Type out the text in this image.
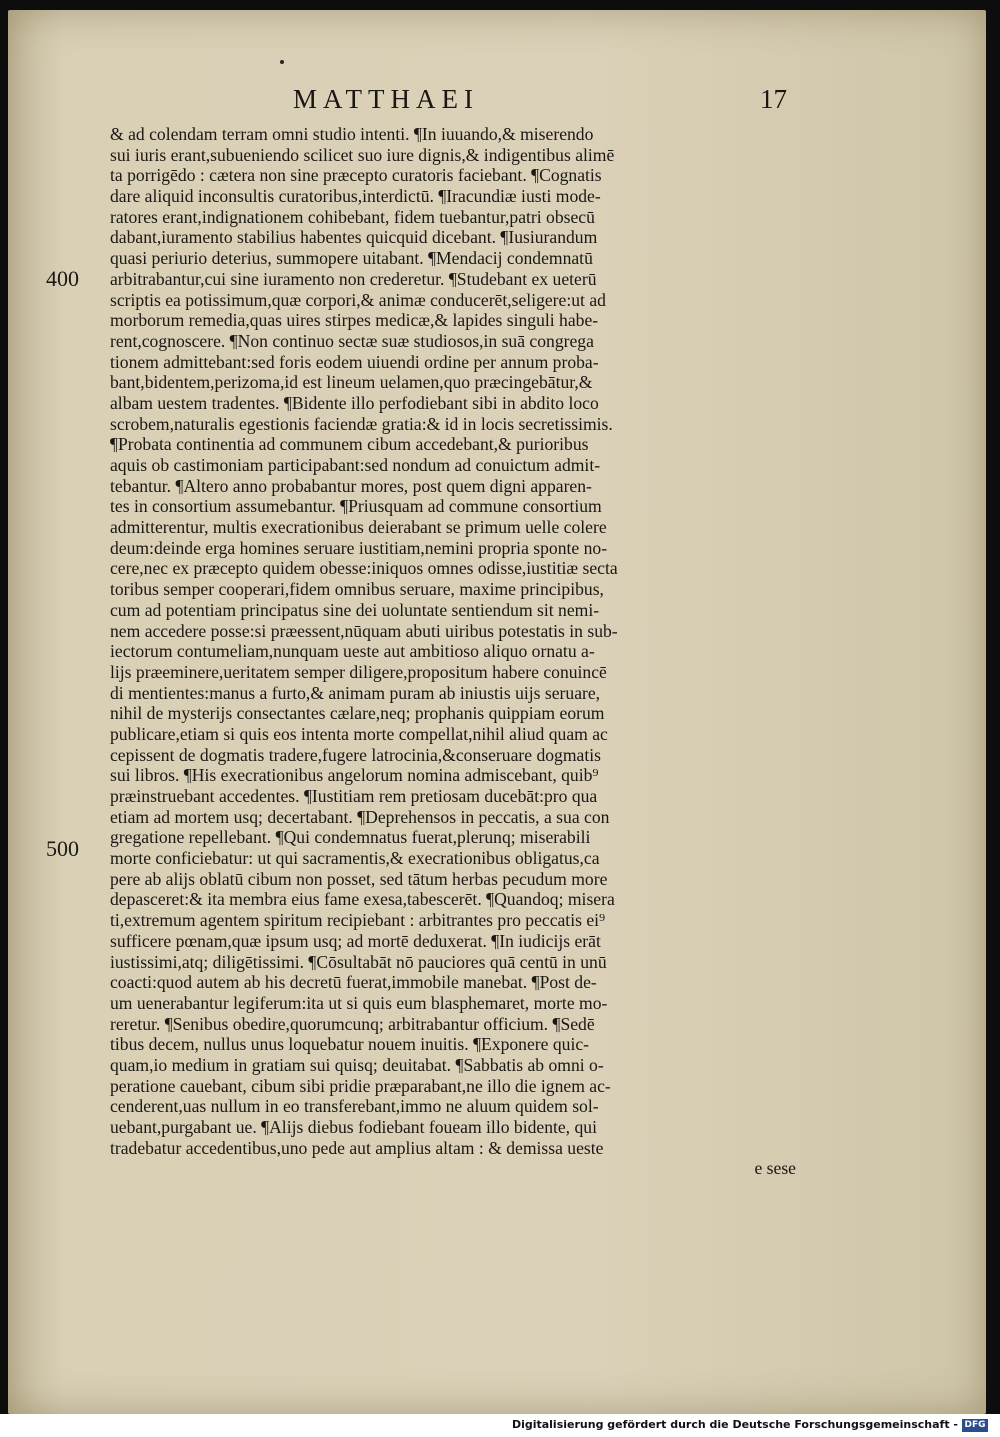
MATTHAEI	17
400
500
& ad colendam terram omni studio intenti. ¶In iuuando,& miserendo
sui iuris erant,subueniendo scilicet suo iure dignis,& indigentibus alimē
ta porrigēdo : cætera non sine præcepto curatoris faciebant. ¶Cognatis
dare aliquid inconsultis curatoribus,interdictū. ¶Iracundiæ iusti mode-
ratores erant,indignationem cohibebant, fidem tuebantur,patri obsecū
dabant,iuramento stabilius habentes quicquid dicebant. ¶Iusiurandum
quasi periurio deterius, summopere uitabant. ¶Mendacij condemnatū
arbitrabantur,cui sine iuramento non crederetur. ¶Studebant ex ueterū
scriptis ea potissimum,quæ corpori,& animæ conducerēt,seligere:ut ad
morborum remedia,quas uires stirpes medicæ,& lapides singuli habe-
rent,cognoscere. ¶Non continuo sectæ suæ studiosos,in suā congrega
tionem admittebant:sed foris eodem uiuendi ordine per annum proba-
bant,bidentem,perizoma,id est lineum uelamen,quo præcingebātur,&
albam uestem tradentes. ¶Bidente illo perfodiebant sibi in abdito loco
scrobem,naturalis egestionis faciendæ gratia:& id in locis secretissimis.
¶Probata continentia ad communem cibum accedebant,& purioribus
aquis ob castimoniam participabant:sed nondum ad conuictum admit-
tebantur. ¶Altero anno probabantur mores, post quem digni apparen-
tes in consortium assumebantur. ¶Priusquam ad commune consortium
admitterentur, multis execrationibus deierabant se primum uelle colere
deum:deinde erga homines seruare iustitiam,nemini propria sponte no-
cere,nec ex præcepto quidem obesse:iniquos omnes odisse,iustitiæ secta
toribus semper cooperari,fidem omnibus seruare, maxime principibus,
cum ad potentiam principatus sine dei uoluntate sentiendum sit nemi-
nem accedere posse:si præessent,nūquam abuti uiribus potestatis in sub-
iectorum contumeliam,nunquam ueste aut ambitioso aliquo ornatu a-
lijs præeminere,ueritatem semper diligere,propositum habere conuincē
di mentientes:manus a furto,& animam puram ab iniustis uijs seruare,
nihil de mysterijs consectantes cælare,neq; prophanis quippiam eorum
publicare,etiam si quis eos intenta morte compellat,nihil aliud quam ac
cepissent de dogmatis tradere,fugere latrocinia,&conseruare dogmatis
sui libros. ¶His execrationibus angelorum nomina admiscebant, quib⁹
præinstruebant accedentes. ¶Iustitiam rem pretiosam ducebāt:pro qua
etiam ad mortem usq; decertabant. ¶Deprehensos in peccatis, a sua con
gregatione repellebant. ¶Qui condemnatus fuerat,plerunq; miserabili
morte conficiebatur: ut qui sacramentis,& execrationibus obligatus,ca
pere ab alijs oblatū cibum non posset, sed tātum herbas pecudum more
depasceret:& ita membra eius fame exesa,tabescerēt. ¶Quandoq; misera
ti,extremum agentem spiritum recipiebant : arbitrantes pro peccatis ei⁹
sufficere pœnam,quæ ipsum usq; ad mortē deduxerat. ¶In iudicijs erāt
iustissimi,atq; diligētissimi. ¶Cōsultabāt nō pauciores quā centū in unū
coacti:quod autem ab his decretū fuerat,immobile manebat. ¶Post de-
um uenerabantur legiferum:ita ut si quis eum blasphemaret, morte mo-
reretur. ¶Senibus obedire,quorumcunq; arbitrabantur officium. ¶Sedē
tibus decem, nullus unus loquebatur nouem inuitis. ¶Exponere quic-
quam,io medium in gratiam sui quisq; deuitabat. ¶Sabbatis ab omni o-
peratione cauebant, cibum sibi pridie præparabant,ne illo die ignem ac-
cenderent,uas nullum in eo transferebant,immo ne aluum quidem sol-
uebant,purgabant ue. ¶Alijs diebus fodiebant foueam illo bidente, qui
tradebatur accedentibus,uno pede aut amplius altam : & demissa ueste
e sese
Digitalisierung gefördert durch die Deutsche Forschungsgemeinschaft - DFG
